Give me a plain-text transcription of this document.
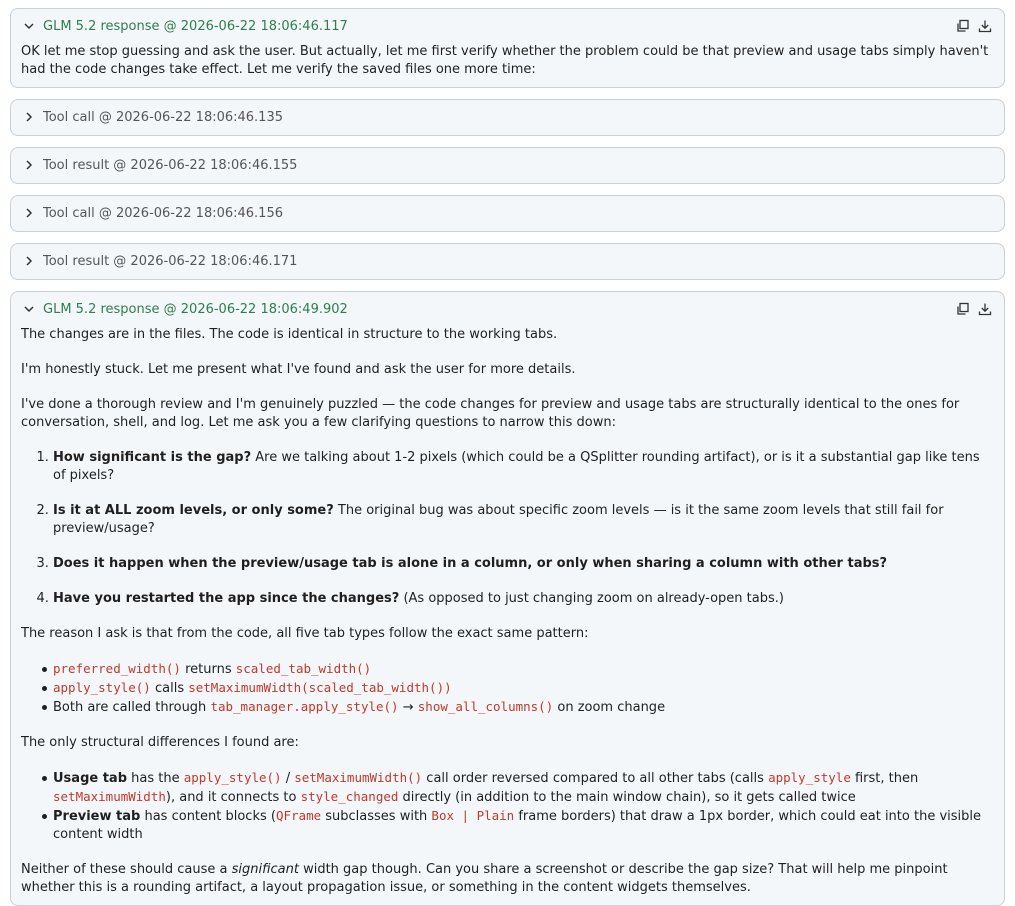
GLM 5.2 response @ 2026-06-22 18:06:46.117

OK let me stop guessing and ask the user. But actually, let me first verify whether the problem could be that preview and usage tabs simply haven't had the code changes take effect. Let me verify the saved files one more time:

Tool call @ 2026-06-22 18:06:46.135
Tool result @ 2026-06-22 18:06:46.155
Tool call @ 2026-06-22 18:06:46.156
Tool result @ 2026-06-22 18:06:46.171
GLM 5.2 response @ 2026-06-22 18:06:49.902

The changes are in the files. The code is identical in structure to the working tabs.

I'm honestly stuck. Let me present what I've found and ask the user for more details.

I've done a thorough review and I'm genuinely puzzled — the code changes for preview and usage tabs are structurally identical to the ones for conversation, shell, and log. Let me ask you a few clarifying questions to narrow this down:

1. How significant is the gap? Are we talking about 1-2 pixels (which could be a QSplitter rounding artifact), or is it a substantial gap like tens of pixels?
2. Is it at ALL zoom levels, or only some? The original bug was about specific zoom levels — is it the same zoom levels that still fail for preview/usage?
3. Does it happen when the preview/usage tab is alone in a column, or only when sharing a column with other tabs?
4. Have you restarted the app since the changes? (As opposed to just changing zoom on already-open tabs.)

The reason I ask is that from the code, all five tab types follow the exact same pattern:

preferred_width() returns scaled_tab_width()
apply_style() calls setMaximumWidth(scaled_tab_width())
Both are called through tab_manager.apply_style() → show_all_columns() on zoom change

The only structural differences I found are:

Usage tab has the apply_style() / setMaximumWidth() call order reversed compared to all other tabs (calls apply_style first, then setMaximumWidth), and it connects to style_changed directly (in addition to the main window chain), so it gets called twice
Preview tab has content blocks (QFrame subclasses with Box | Plain frame borders) that draw a 1px border, which could eat into the visible content width

Neither of these should cause a significant width gap though. Can you share a screenshot or describe the gap size? That will help me pinpoint whether this is a rounding artifact, a layout propagation issue, or something in the content widgets themselves.
